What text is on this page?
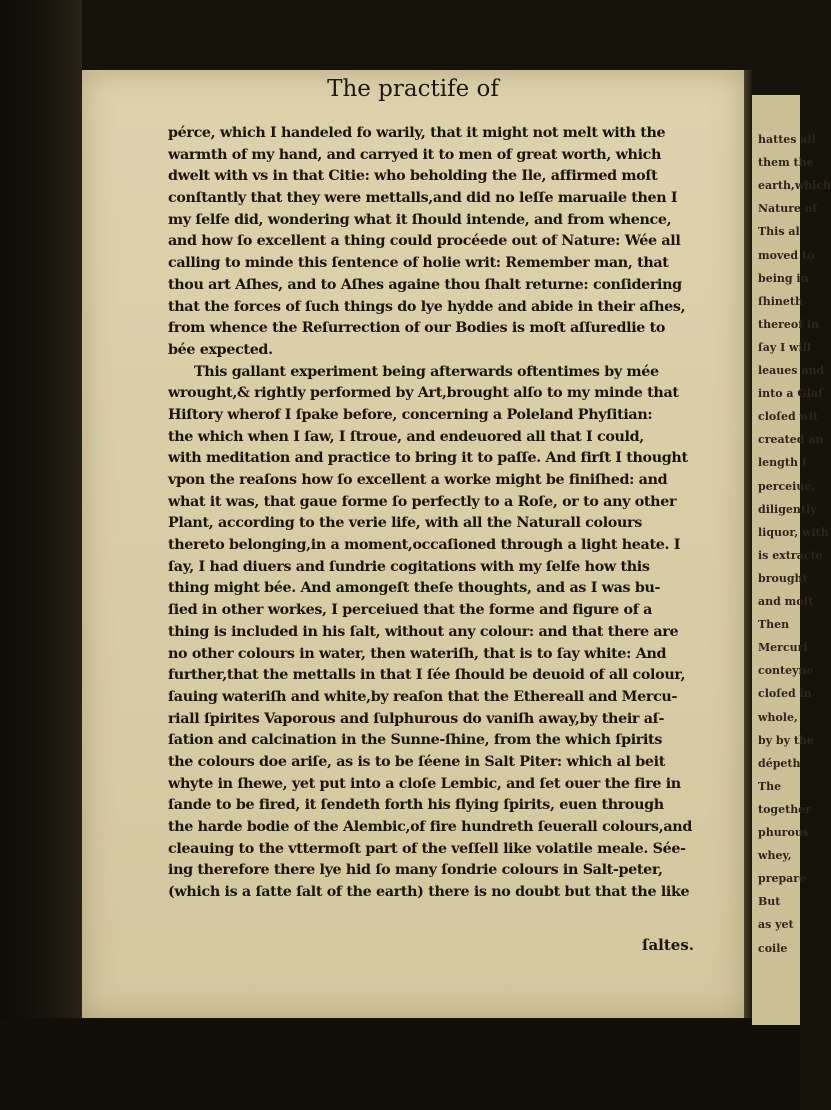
The practife of
pérce, which I handeled fo warily, that it might not melt with the
warmth of my hand, and carryed it to men of great worth, which
dwelt with vs in that Citie: who beholding the Ile, affirmed moſt
conſtantly that they were mettalls,and did no leſſe maruaile then I
my ſelfe did, wondering what it ſhould intende, and from whence,
and how ſo excellent a thing could procéede out of Nature: Wée all
calling to minde this ſentence of holie writ: Remember man, that
thou art Aſhes, and to Aſhes againe thou ſhalt returne: conſidering
that the forces of ſuch things do lye hydde and abide in their aſhes,
from whence the Reſurrection of our Bodies is moſt aſſuredlie to
bée expected.
This gallant experiment being afterwards oftentimes by mée
wrought,& rightly performed by Art,brought alſo to my minde that
Hiſtory wherof I ſpake before, concerning a Poleland Phyſitian:
the which when I ſaw, I ſtroue, and endeuored all that I could,
with meditation and practice to bring it to paſſe. And firſt I thought
vpon the reaſons how ſo excellent a worke might be finiſhed: and
what it was, that gaue forme ſo perfectly to a Roſe, or to any other
Plant, according to the verie life, with all the Naturall colours
thereto belonging,in a moment,occaſioned through a light heate. I
ſay, I had diuers and ſundrie cogitations with my ſelfe how this
thing might bée. And amongeſt theſe thoughts, and as I was bu-
ſied in other workes, I perceiued that the forme and figure of a
thing is included in his ſalt, without any colour: and that there are
no other colours in water, then wateriſh, that is to ſay white: And
further,that the mettalls in that I ſée ſhould be deuoid of all colour,
ſauing wateriſh and white,by reaſon that the Ethereall and Mercu-
riall ſpirites Vaporous and ſulphurous do vaniſh away,by their aſ-
ſation and calcination in the Sunne-ſhine, from the which ſpirits
the colours doe ariſe, as is to be ſéene in Salt Piter: which al beit
whyte in ſhewe, yet put into a cloſe Lembic, and ſet ouer the fire in
ſande to be fired, it ſendeth forth his flying ſpirits, euen through
the harde bodie of the Alembic,of fire hundreth ſeuerall colours,and
cleauing to the vttermoſt part of the veſſell like volatile meale. Sée-
ing therefore there lye hid ſo many ſondrie colours in Salt-peter,
(which is a ſatte ſalt of the earth) there is no doubt but that the like
ſaltes.
hattes all
them the
earth,which
Nature of
This al
moved to
being in
ſhineth
thereof in
ſay I will
leaues and
into a Glaſ
cloſed wit
created an
length I
perceiue,
diligently
liquor, with
is extracte
brought
and moſt
Then
Mercuri
conteyne
cloſed in
whole,
by by the
dépeth
The
together
phurous
whey,
prepare
But
as yet
coile
